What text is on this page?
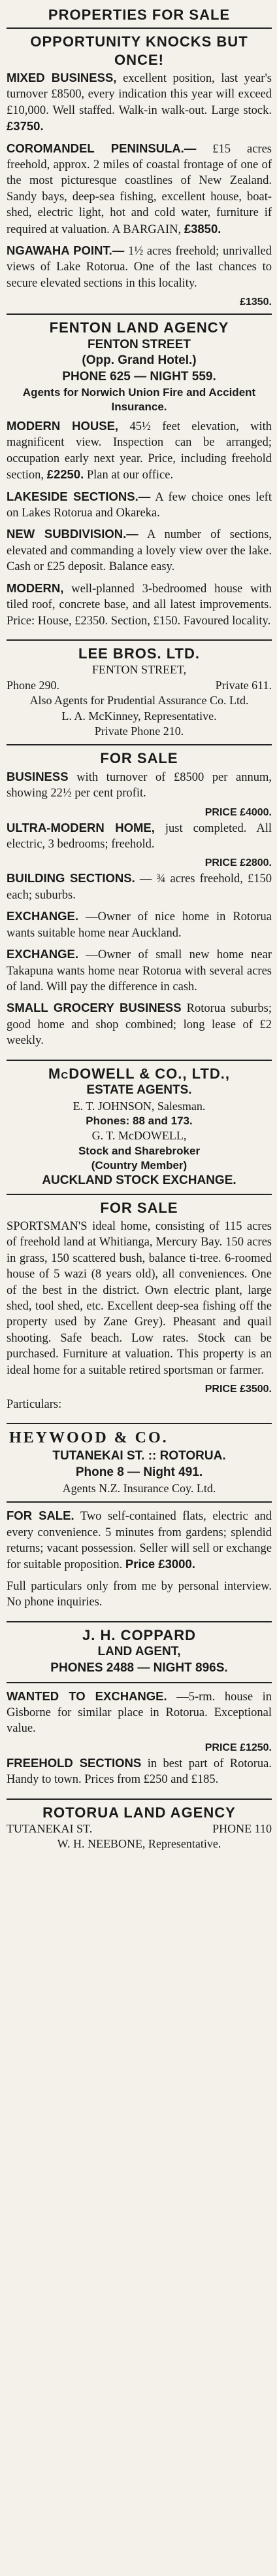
PROPERTIES FOR SALE
OPPORTUNITY KNOCKS BUT ONCE!
MIXED BUSINESS, excellent position, last year's turnover £8500, every indication this year will exceed £10,000. Well staffed. Walk-in walk-out. Large stock. £3750.
COROMANDEL PENINSULA.— £15 acres freehold, approx. 2 miles of coastal frontage of one of the most picturesque coastlines of New Zealand. Sandy bays, deep-sea fishing, excellent house, boat-shed, electric light, hot and cold water, furniture if required at valuation. A BARGAIN, £3850.
NGAWAHA POINT.— 1½ acres freehold; unrivalled views of Lake Rotorua. One of the last chances to secure elevated sections in this locality.
£1350.
FENTON LAND AGENCY
FENTON STREET
(Opp. Grand Hotel.)
PHONE 625 — NIGHT 559.
Agents for Norwich Union Fire and Accident Insurance.
MODERN HOUSE, 45½ feet elevation, with magnificent view. Inspection can be arranged; occupation early next year. Price, including freehold section, £2250. Plan at our office.
LAKESIDE SECTIONS.— A few choice ones left on Lakes Rotorua and Okareka.
NEW SUBDIVISION.— A number of sections, elevated and commanding a lovely view over the lake. Cash or £25 deposit. Balance easy.
MODERN, well-planned 3-bedroomed house with tiled roof, concrete base, and all latest improvements. Price: House, £2350. Section, £150. Favoured locality.
LEE BROS. LTD.
FENTON STREET,
Phone 290.	Private 611.
Also Agents for Prudential Assurance Co. Ltd.
L. A. McKinney, Representative.
Private Phone 210.
FOR SALE
BUSINESS with turnover of £8500 per annum, showing 22½ per cent profit.
PRICE £4000.
ULTRA-MODERN HOME, just completed. All electric, 3 bedrooms; freehold.
PRICE £2800.
BUILDING SECTIONS. — ¾ acres freehold, £150 each; suburbs.
EXCHANGE. —Owner of nice home in Rotorua wants suitable home near Auckland.
EXCHANGE. —Owner of small new home near Takapuna wants home near Rotorua with several acres of land. Will pay the difference in cash.
SMALL GROCERY BUSINESS Rotorua suburbs; good home and shop combined; long lease of £2 weekly.
McDOWELL & CO., LTD.,
ESTATE AGENTS.
E. T. JOHNSON, Salesman.
Phones: 88 and 173.
G. T. McDOWELL,
Stock and Sharebroker
(Country Member)
AUCKLAND STOCK EXCHANGE.
FOR SALE
SPORTSMAN'S ideal home, consisting of 115 acres of freehold land at Whitianga, Mercury Bay. 150 acres in grass, 150 scattered bush, balance ti-tree. 6-roomed house of 5 wazi (8 years old), all conveniences. One of the best in the district. Own electric plant, large shed, tool shed, etc. Excellent deep-sea fishing off the property used by Zane Grey). Pheasant and quail shooting. Safe beach. Low rates. Stock can be purchased. Furniture at valuation. This property is an ideal home for a suitable retired sportsman or farmer.
PRICE £3500.
Particulars:
HEYWOOD & CO.
TUTANEKAI ST. :: ROTORUA.
Phone 8 — Night 491.
Agents N.Z. Insurance Coy. Ltd.
FOR SALE. Two self-contained flats, electric and every convenience. 5 minutes from gardens; splendid returns; vacant possession. Seller will sell or exchange for suitable proposition. Price £3000.
Full particulars only from me by personal interview. No phone inquiries.
J. H. COPPARD
LAND AGENT,
PHONES 2488 — NIGHT 896S.
WANTED TO EXCHANGE. —5-rm. house in Gisborne for similar place in Rotorua. Exceptional value.
PRICE £1250.
FREEHOLD SECTIONS in best part of Rotorua. Handy to town. Prices from £250 and £185.
ROTORUA LAND AGENCY
TUTANEKAI ST.	PHONE 110
W. H. NEEBONE, Representative.
